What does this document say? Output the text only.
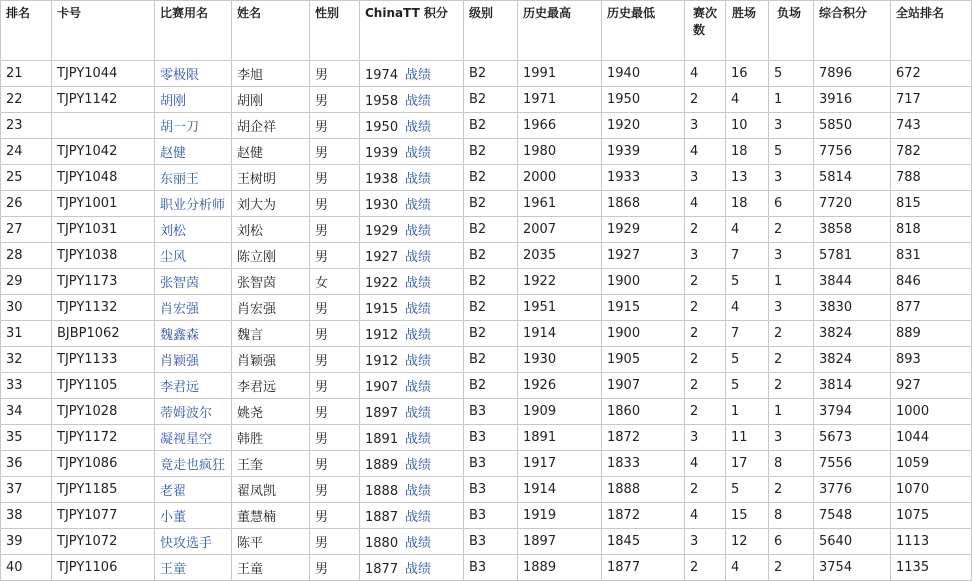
排名	卡号	比赛用名	姓名	性别	ChinaTT 积分	级别	历史最高	历史最低	赛次数	胜场	负场	综合积分	全站排名
21	TJPY1044	零极限	李旭	男	1974 战绩	B2	1991	1940	4	16	5	7896	672
22	TJPY1142	胡刚	胡刚	男	1958 战绩	B2	1971	1950	2	4	1	3916	717
23		胡一刀	胡企祥	男	1950 战绩	B2	1966	1920	3	10	3	5850	743
24	TJPY1042	赵健	赵健	男	1939 战绩	B2	1980	1939	4	18	5	7756	782
25	TJPY1048	东丽王	王树明	男	1938 战绩	B2	2000	1933	3	13	3	5814	788
26	TJPY1001	职业分析师	刘大为	男	1930 战绩	B2	1961	1868	4	18	6	7720	815
27	TJPY1031	刘松	刘松	男	1929 战绩	B2	2007	1929	2	4	2	3858	818
28	TJPY1038	尘风	陈立刚	男	1927 战绩	B2	2035	1927	3	7	3	5781	831
29	TJPY1173	张智茵	张智茵	女	1922 战绩	B2	1922	1900	2	5	1	3844	846
30	TJPY1132	肖宏强	肖宏强	男	1915 战绩	B2	1951	1915	2	4	3	3830	877
31	BJBP1062	魏鑫森	魏言	男	1912 战绩	B2	1914	1900	2	7	2	3824	889
32	TJPY1133	肖颖强	肖颖强	男	1912 战绩	B2	1930	1905	2	5	2	3824	893
33	TJPY1105	李君远	李君远	男	1907 战绩	B2	1926	1907	2	5	2	3814	927
34	TJPY1028	蒂姆波尔	姚尧	男	1897 战绩	B3	1909	1860	2	1	1	3794	1000
35	TJPY1172	凝视星空	韩胜	男	1891 战绩	B3	1891	1872	3	11	3	5673	1044
36	TJPY1086	竟走也疯狂	王奎	男	1889 战绩	B3	1917	1833	4	17	8	7556	1059
37	TJPY1185	老翟	翟凤凯	男	1888 战绩	B3	1914	1888	2	5	2	3776	1070
38	TJPY1077	小董	董慧楠	男	1887 战绩	B3	1919	1872	4	15	8	7548	1075
39	TJPY1072	快攻选手	陈平	男	1880 战绩	B3	1897	1845	3	12	6	5640	1113
40	TJPY1106	王童	王童	男	1877 战绩	B3	1889	1877	2	4	2	3754	1135
